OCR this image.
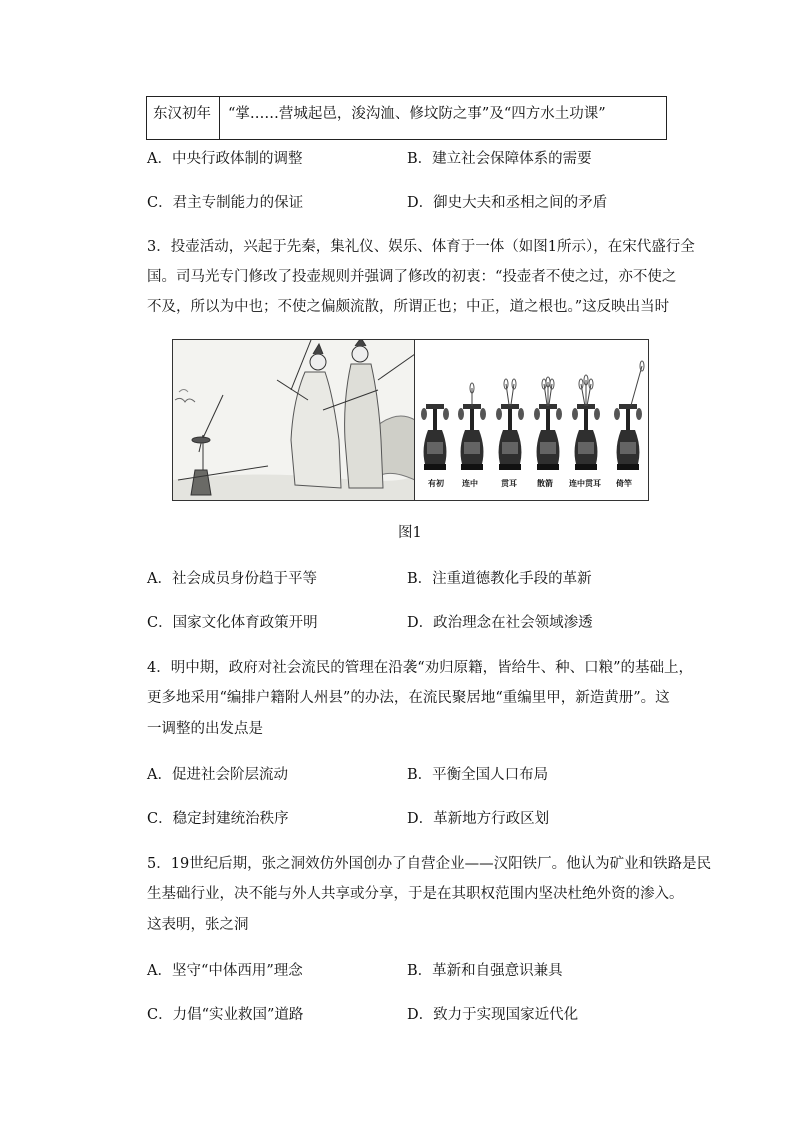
东汉初年 “掌……营城起邑，浚沟洫、修坟防之事”及“四方水土功课”
A．中央行政体制的调整	B．建立社会保障体系的需要
C．君主专制能力的保证	D．御史大夫和丞相之间的矛盾
3．投壶活动，兴起于先秦，集礼仪、娱乐、体育于一体（如图1所示），在宋代盛行全
国。司马光专门修改了投壶规则并强调了修改的初衷：“投壶者不使之过，亦不使之
不及，所以为中也；不使之偏颇流散，所谓正也；中正，道之根也。”这反映出当时
有初 连中	贯耳	散箭 连中贯耳 倚竿
图1
A．社会成员身份趋于平等	B．注重道德教化手段的革新
C．国家文化体育政策开明	D．政治理念在社会领域渗透
4．明中期，政府对社会流民的管理在沿袭“劝归原籍，皆给牛、种、口粮”的基础上，
更多地采用“编排户籍附人州县”的办法，在流民聚居地“重编里甲，新造黄册”。这
一调整的出发点是
A．促进社会阶层流动	B．平衡全国人口布局
C．稳定封建统治秩序	D．革新地方行政区划
5．19世纪后期，张之洞效仿外国创办了自营企业——汉阳铁厂。他认为矿业和铁路是民
生基础行业，决不能与外人共享或分享，于是在其职权范围内坚决杜绝外资的渗入。
这表明，张之洞
A．坚守“中体西用”理念	B．革新和自强意识兼具
C．力倡“实业救国”道路	D．致力于实现国家近代化
